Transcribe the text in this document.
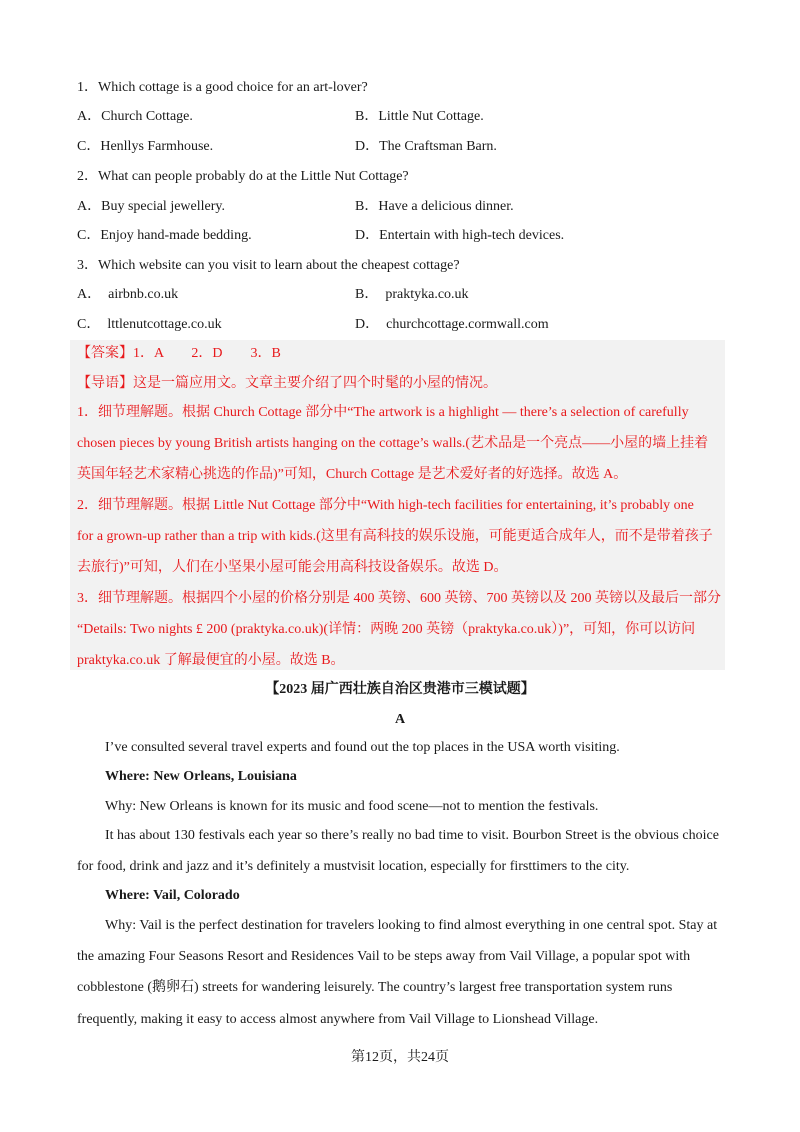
1．Which cottage is a good choice for an art-lover?
A．Church Cottage.	B．Little Nut Cottage.
C．Henllys Farmhouse.	D．The Craftsman Barn.
2．What can people probably do at the Little Nut Cottage?
A．Buy special jewellery.	B．Have a delicious dinner.
C．Enjoy hand-made bedding.	D．Entertain with high-tech devices.
3．Which website can you visit to learn about the cheapest cottage?
A．　airbnb.co.uk	B．　praktyka.co.uk
C．　lttlenutcottage.co.uk	D．　churchcottage.cormwall.com
【答案】1．A　　2．D　　3．B
【导语】这是一篇应用文。文章主要介绍了四个时髦的小屋的情况。
1．细节理解题。根据 Church Cottage 部分中“The artwork is a highlight — there’s a selection of carefully
chosen pieces by young British artists hanging on the cottage’s walls.(艺术品是一个亮点——小屋的墙上挂着
英国年轻艺术家精心挑选的作品)”可知，Church Cottage 是艺术爱好者的好选择。故选 A。
2．细节理解题。根据 Little Nut Cottage 部分中“With high-tech facilities for entertaining, it’s probably one
for a grown-up rather than a trip with kids.(这里有高科技的娱乐设施，可能更适合成年人，而不是带着孩子
去旅行)”可知，人们在小坚果小屋可能会用高科技设备娱乐。故选 D。
3．细节理解题。根据四个小屋的价格分别是 400 英镑、600 英镑、700 英镑以及 200 英镑以及最后一部分
“Details: Two nights £ 200 (praktyka.co.uk)(详情：两晚 200 英镑（praktyka.co.uk）)”，可知，你可以访问
praktyka.co.uk 了解最便宜的小屋。故选 B。
【2023 届广西壮族自治区贵港市三模试题】
A
I’ve consulted several travel experts and found out the top places in the USA worth visiting.
Where: New Orleans, Louisiana
Why: New Orleans is known for its music and food scene—not to mention the festivals.
It has about 130 festivals each year so there’s really no bad time to visit. Bourbon Street is the obvious choice
for food, drink and jazz and it’s definitely a mustvisit location, especially for firsttimers to the city.
Where: Vail, Colorado
Why: Vail is the perfect destination for travelers looking to find almost everything in one central spot. Stay at
the amazing Four Seasons Resort and Residences Vail to be steps away from Vail Village, a popular spot with
cobblestone (鹅卵石) streets for wandering leisurely. The country’s largest free transportation system runs
frequently, making it easy to access almost anywhere from Vail Village to Lionshead Village.
第12页，共24页
